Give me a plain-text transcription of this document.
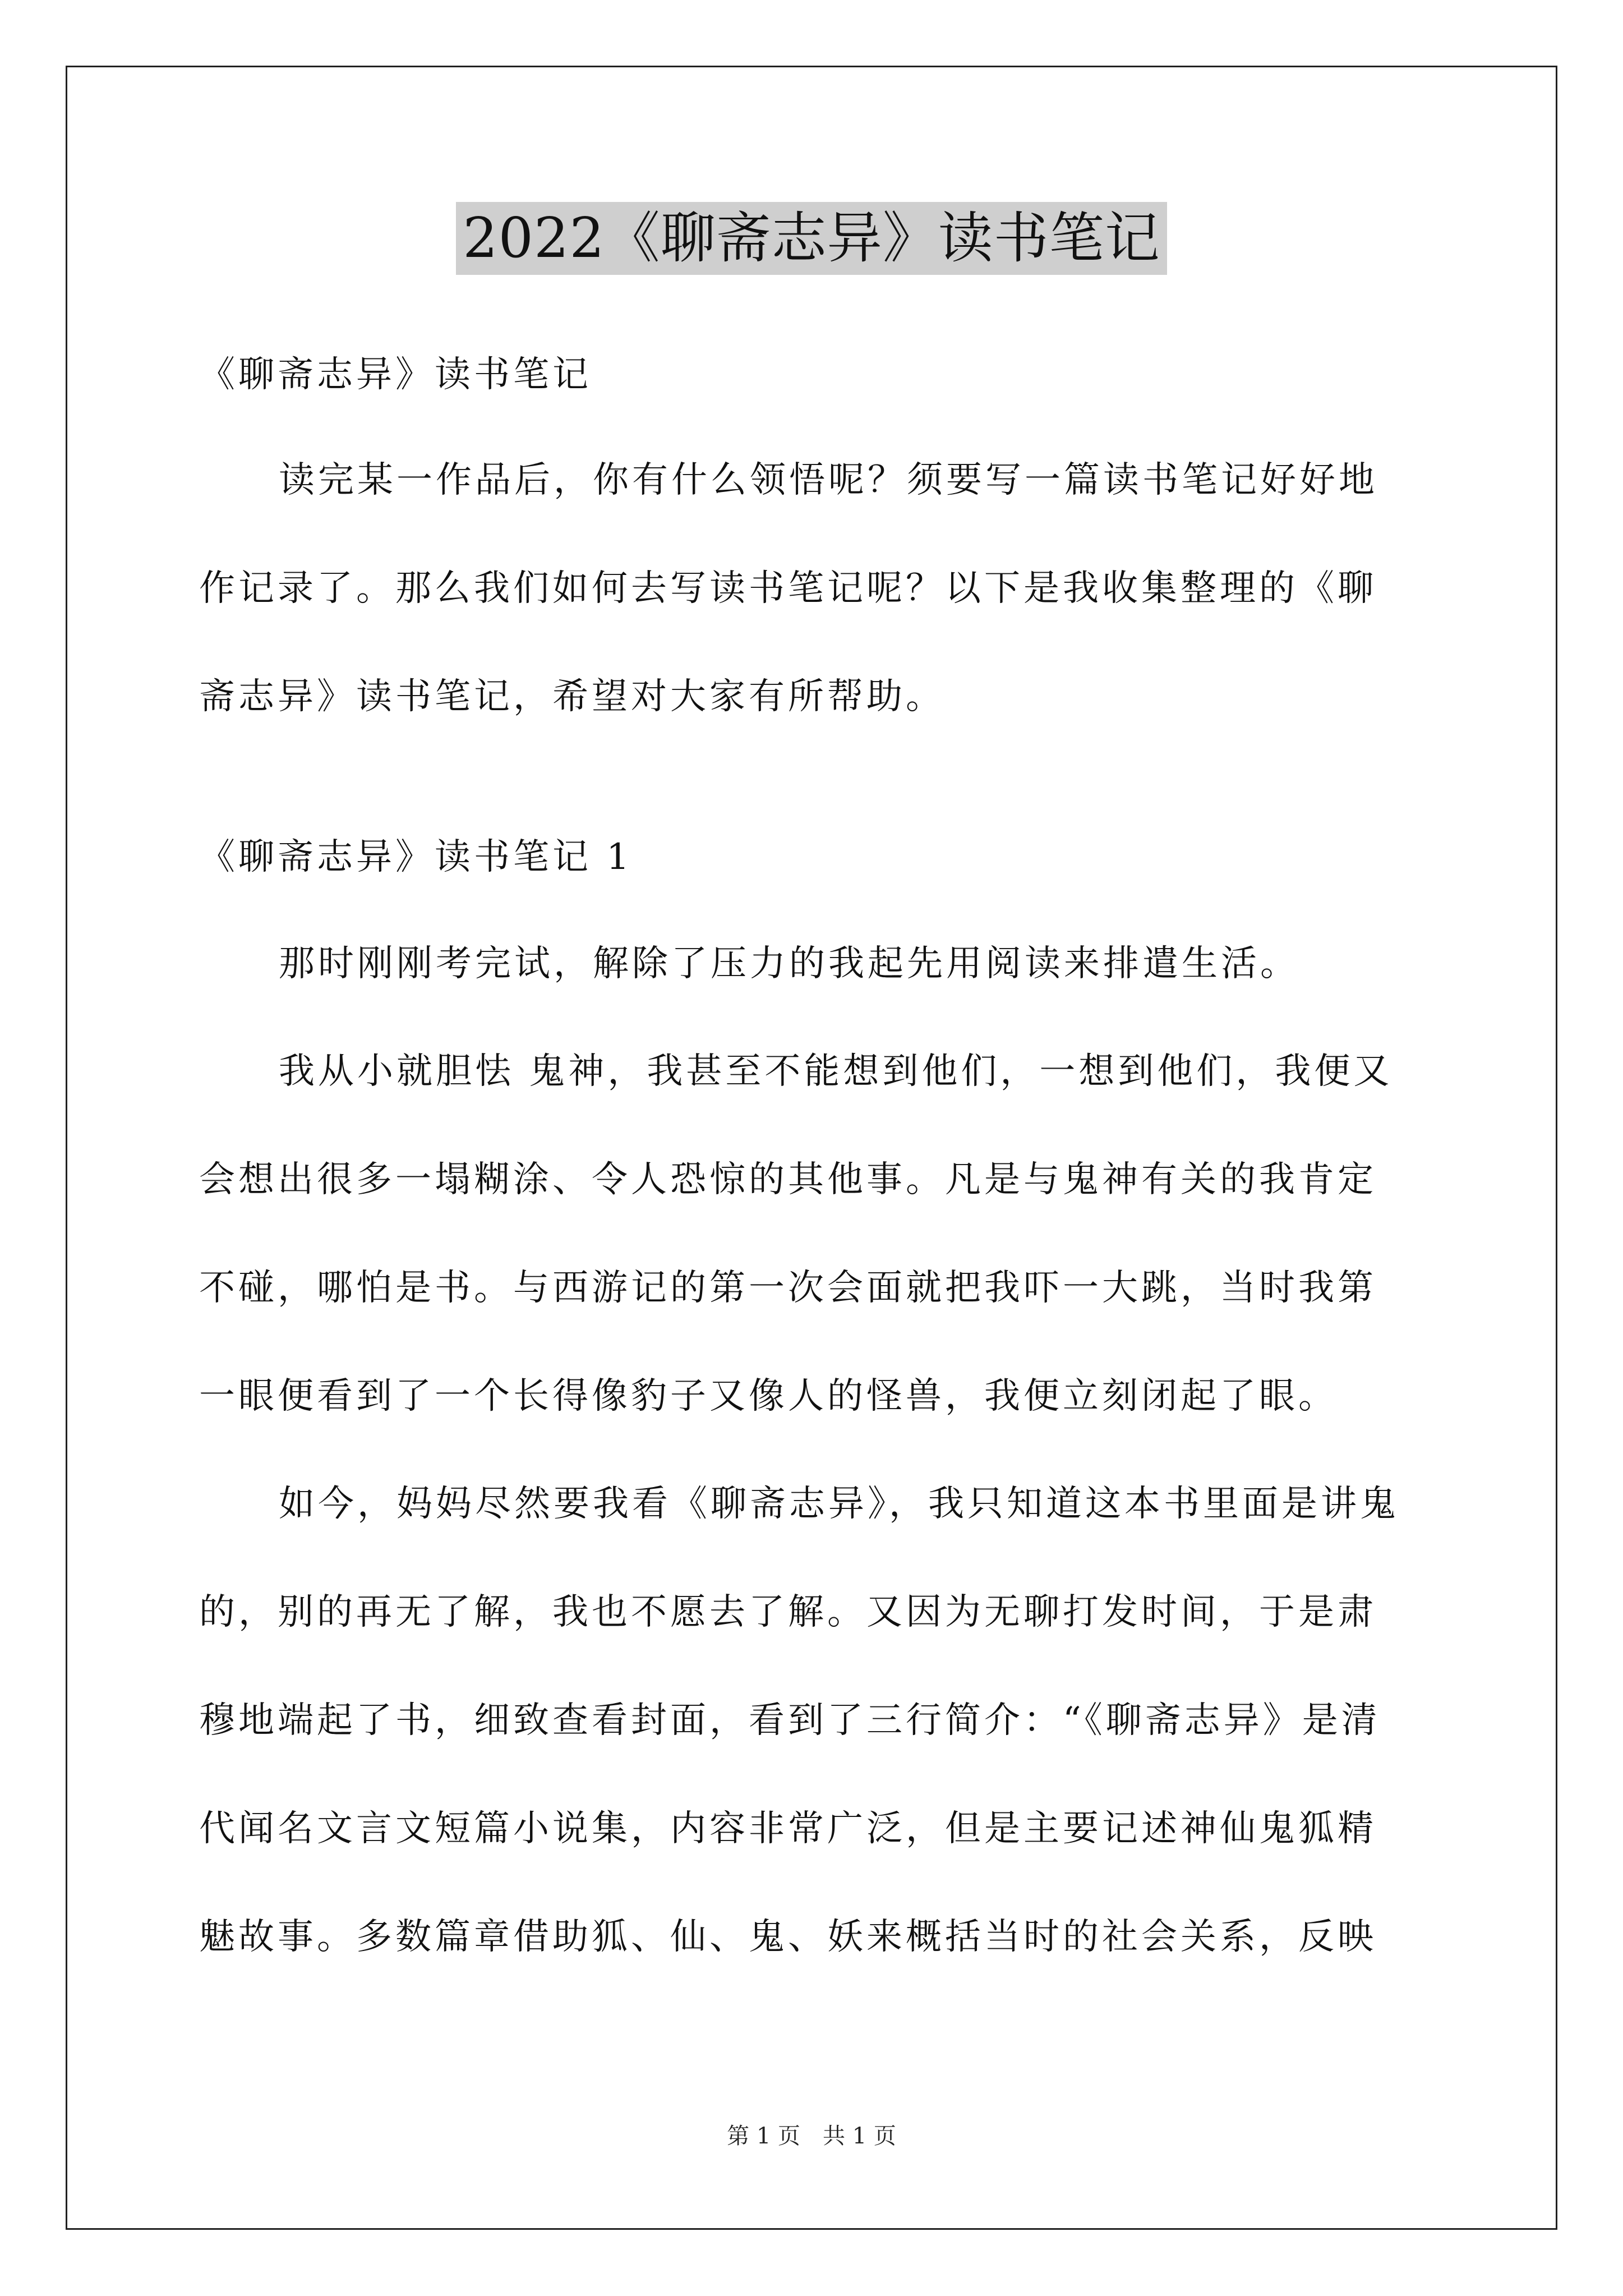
2022《聊斋志异》读书笔记
《聊斋志异》读书笔记
读完某一作品后，你有什么领悟呢？须要写一篇读书笔记好好地
作记录了。那么我们如何去写读书笔记呢？以下是我收集整理的《聊
斋志异》读书笔记，希望对大家有所帮助。
《聊斋志异》读书笔记 1
那时刚刚考完试，解除了压力的我起先用阅读来排遣生活。
我从小就胆怯 鬼神，我甚至不能想到他们，一想到他们，我便又
会想出很多一塌糊涂、令人恐惊的其他事。凡是与鬼神有关的我肯定
不碰，哪怕是书。与西游记的第一次会面就把我吓一大跳，当时我第
一眼便看到了一个长得像豹子又像人的怪兽，我便立刻闭起了眼。
如今，妈妈尽然要我看《聊斋志异》，我只知道这本书里面是讲鬼
的，别的再无了解，我也不愿去了解。又因为无聊打发时间，于是肃
穆地端起了书，细致查看封面，看到了三行简介：“《聊斋志异》是清
代闻名文言文短篇小说集，内容非常广泛，但是主要记述神仙鬼狐精
魅故事。多数篇章借助狐、仙、鬼、妖来概括当时的社会关系，反映
第 1 页　共 1 页
